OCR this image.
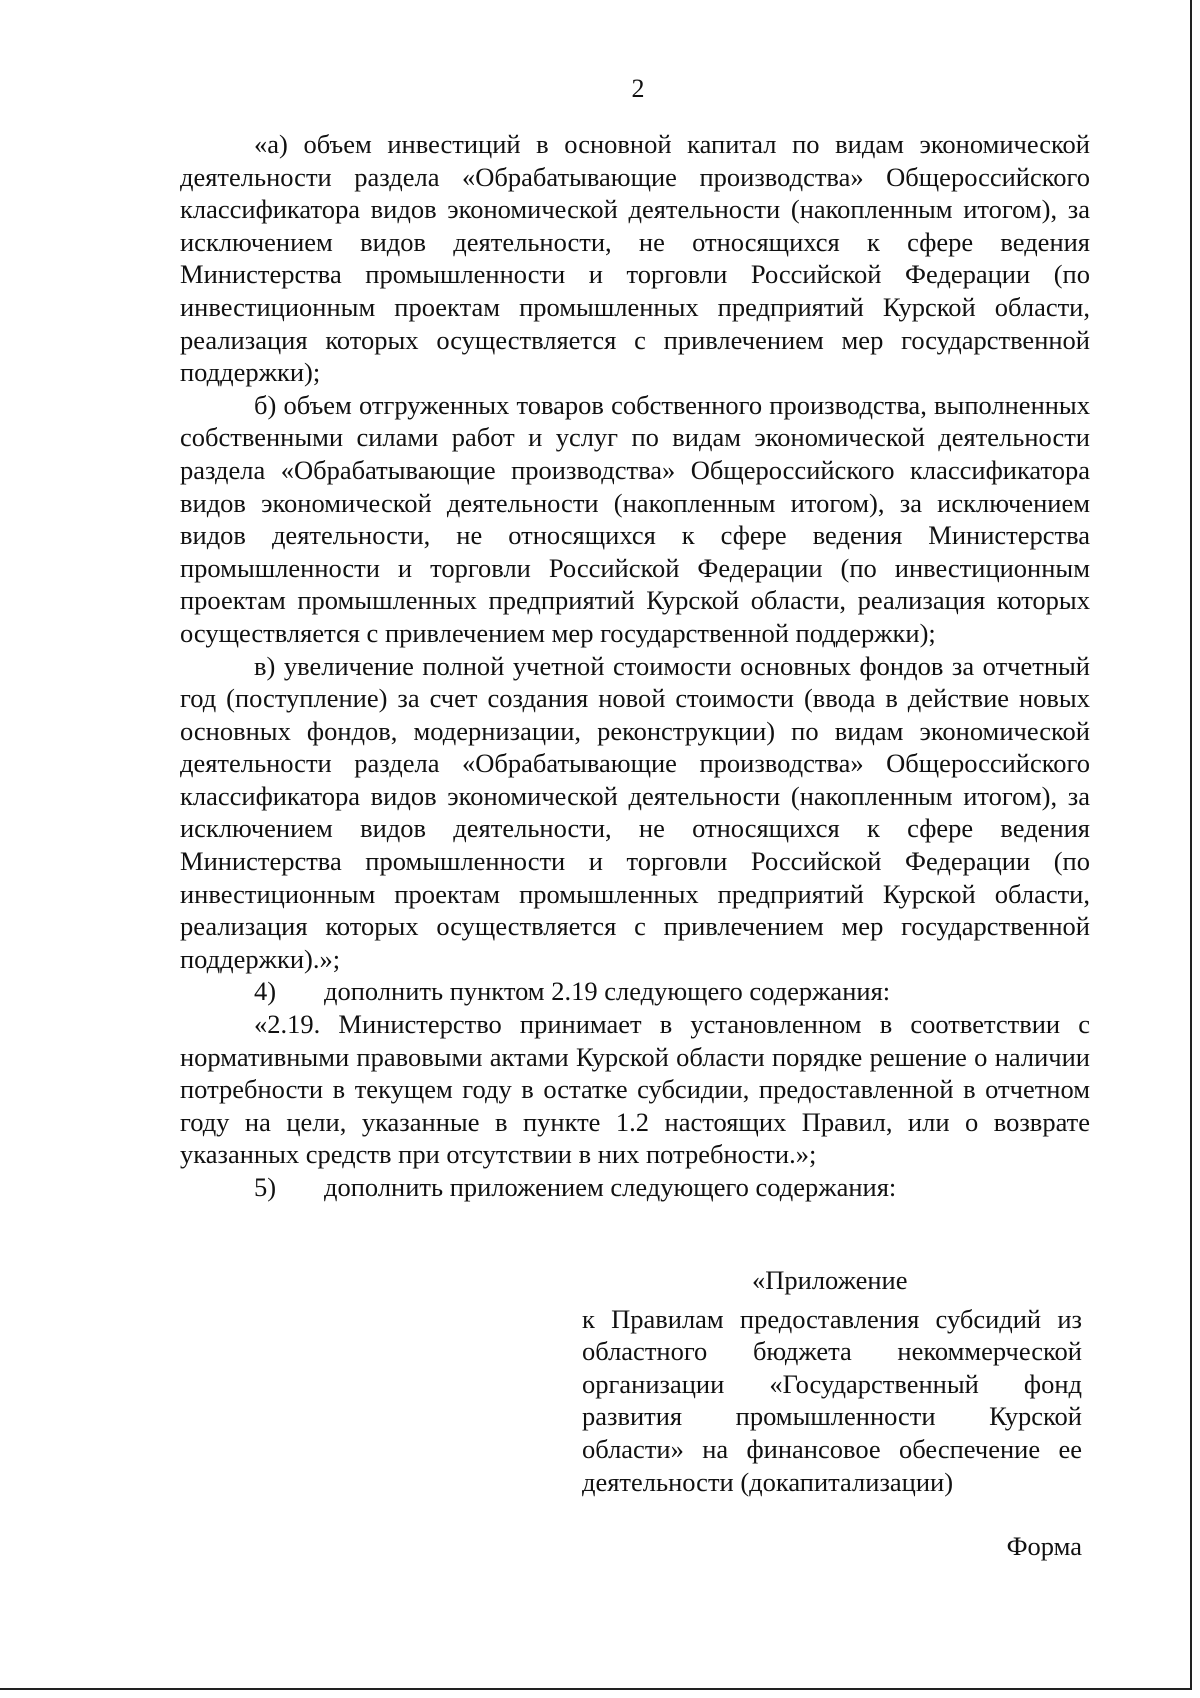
2

«а) объем инвестиций в основной капитал по видам экономической деятельности раздела «Обрабатывающие производства» Общероссийского классификатора видов экономической деятельности (накопленным итогом), за исключением видов деятельности, не относящихся к сфере ведения Министерства промышленности и торговли Российской Федерации (по инвестиционным проектам промышленных предприятий Курской области, реализация которых осуществляется с привлечением мер государственной поддержки);

б) объем отгруженных товаров собственного производства, выполненных собственными силами работ и услуг по видам экономической деятельности раздела «Обрабатывающие производства» Общероссийского классификатора видов экономической деятельности (накопленным итогом), за исключением видов деятельности, не относящихся к сфере ведения Министерства промышленности и торговли Российской Федерации (по инвестиционным проектам промышленных предприятий Курской области, реализация которых осуществляется с привлечением мер государственной поддержки);

в) увеличение полной учетной стоимости основных фондов за отчетный год (поступление) за счет создания новой стоимости (ввода в действие новых основных фондов, модернизации, реконструкции) по видам экономической деятельности раздела «Обрабатывающие производства» Общероссийского классификатора видов экономической деятельности (накопленным итогом), за исключением видов деятельности, не относящихся к сфере ведения Министерства промышленности и торговли Российской Федерации (по инвестиционным проектам промышленных предприятий Курской области, реализация которых осуществляется с привлечением мер государственной поддержки).»;

4) дополнить пунктом 2.19 следующего содержания:

«2.19. Министерство принимает в установленном в соответствии с нормативными правовыми актами Курской области порядке решение о наличии потребности в текущем году в остатке субсидии, предоставленной в отчетном году на цели, указанные в пункте 1.2 настоящих Правил, или о возврате указанных средств при отсутствии в них потребности.»;

5) дополнить приложением следующего содержания:

«Приложение

к Правилам предоставления субсидий из областного бюджета некоммерческой организации «Государственный фонд развития промышленности Курской области» на финансовое обеспечение ее деятельности (докапитализации)

Форма
